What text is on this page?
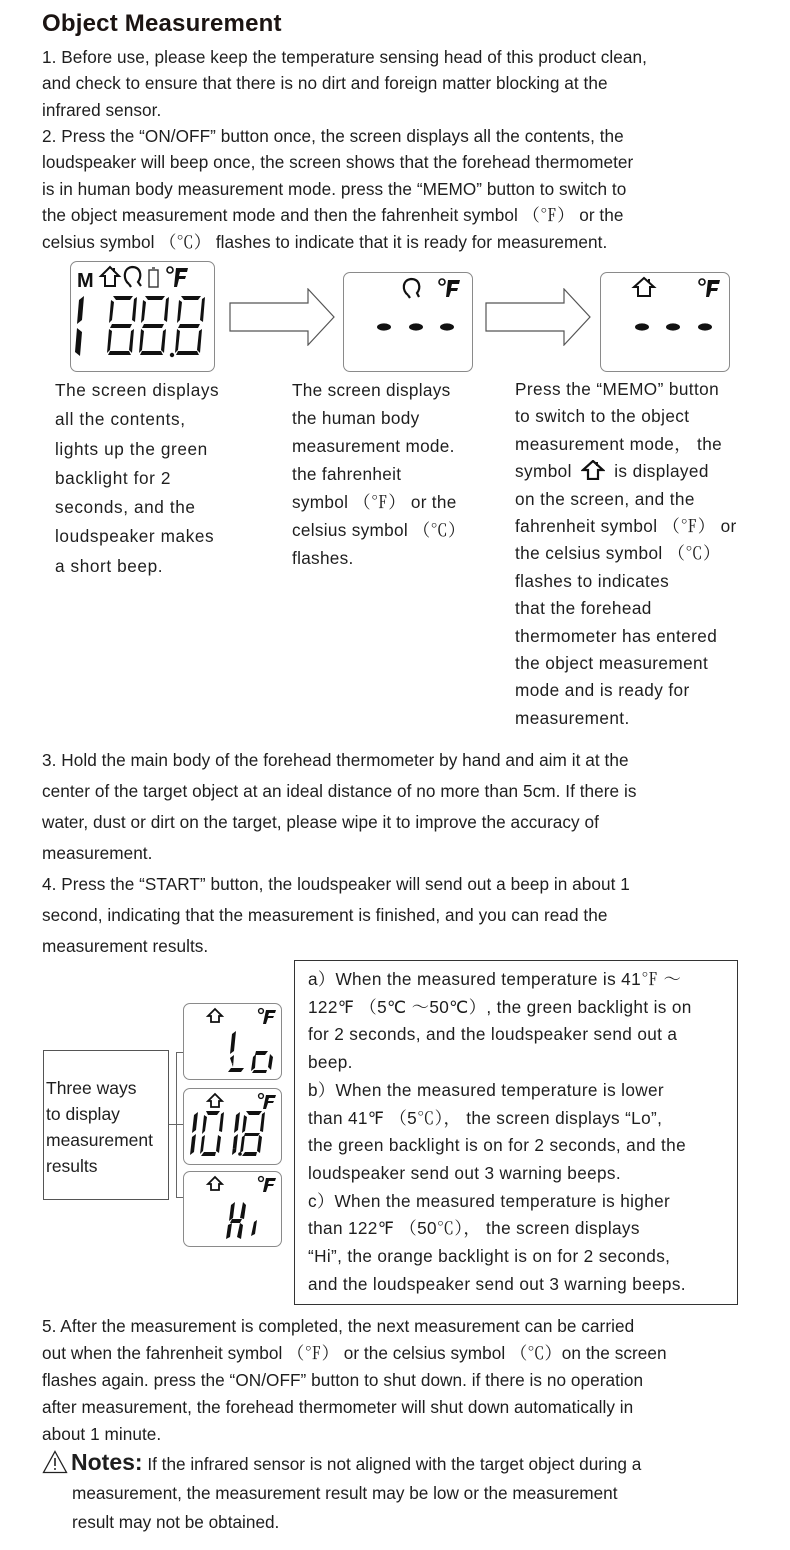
Object Measurement
1. Before use, please keep the temperature sensing head of this product clean,
and check to ensure that there is no dirt and foreign matter blocking at the
infrared sensor.
2. Press the “ON/OFF” button once, the screen displays all the contents, the
loudspeaker will beep once, the screen shows that the forehead thermometer
is in human body measurement mode. press the “MEMO” button to switch to
the object measurement mode and then the fahrenheit symbol （℉） or the
celsius symbol （℃） flashes to indicate that it is ready for measurement.
M
The screen displays
all the contents,
lights up the green
backlight for 2
seconds, and the
loudspeaker makes
a short beep.
The screen displays
the human body
measurement mode.
the fahrenheit
symbol （℉） or the
celsius symbol （℃）
flashes.
Press the “MEMO” button
to switch to the object
measurement mode， the
symbol is displayed
on the screen, and the
fahrenheit symbol （℉） or
the celsius symbol （℃）
flashes to indicates
that the forehead
thermometer has entered
the object measurement
mode and is ready for
measurement.
3. Hold the main body of the forehead thermometer by hand and aim it at the
center of the target object at an ideal distance of no more than 5cm. If there is
water, dust or dirt on the target, please wipe it to improve the accuracy of
measurement.
4. Press the “START” button, the loudspeaker will send out a beep in about 1
second, indicating that the measurement is finished, and you can read the
measurement results.
Three ways
to display
measurement
results
Lo
101.8
Hi
a）When the measured temperature is 41℉ ～
122℉ （5℃ ～50℃）, the green backlight is on
for 2 seconds, and the loudspeaker send out a
beep.
b）When the measured temperature is lower
than 41℉ （5℃）， the screen displays “Lo”,
the green backlight is on for 2 seconds, and the
loudspeaker send out 3 warning beeps.
c）When the measured temperature is higher
than 122℉ （50℃）， the screen displays
“Hi”, the orange backlight is on for 2 seconds,
and the loudspeaker send out 3 warning beeps.
5. After the measurement is completed, the next measurement can be carried
out when the fahrenheit symbol （℉） or the celsius symbol （℃）on the screen
flashes again. press the “ON/OFF” button to shut down. if there is no operation
after measurement, the forehead thermometer will shut down automatically in
about 1 minute.
Notes: If the infrared sensor is not aligned with the target object during a
measurement, the measurement result may be low or the measurement
result may not be obtained.
